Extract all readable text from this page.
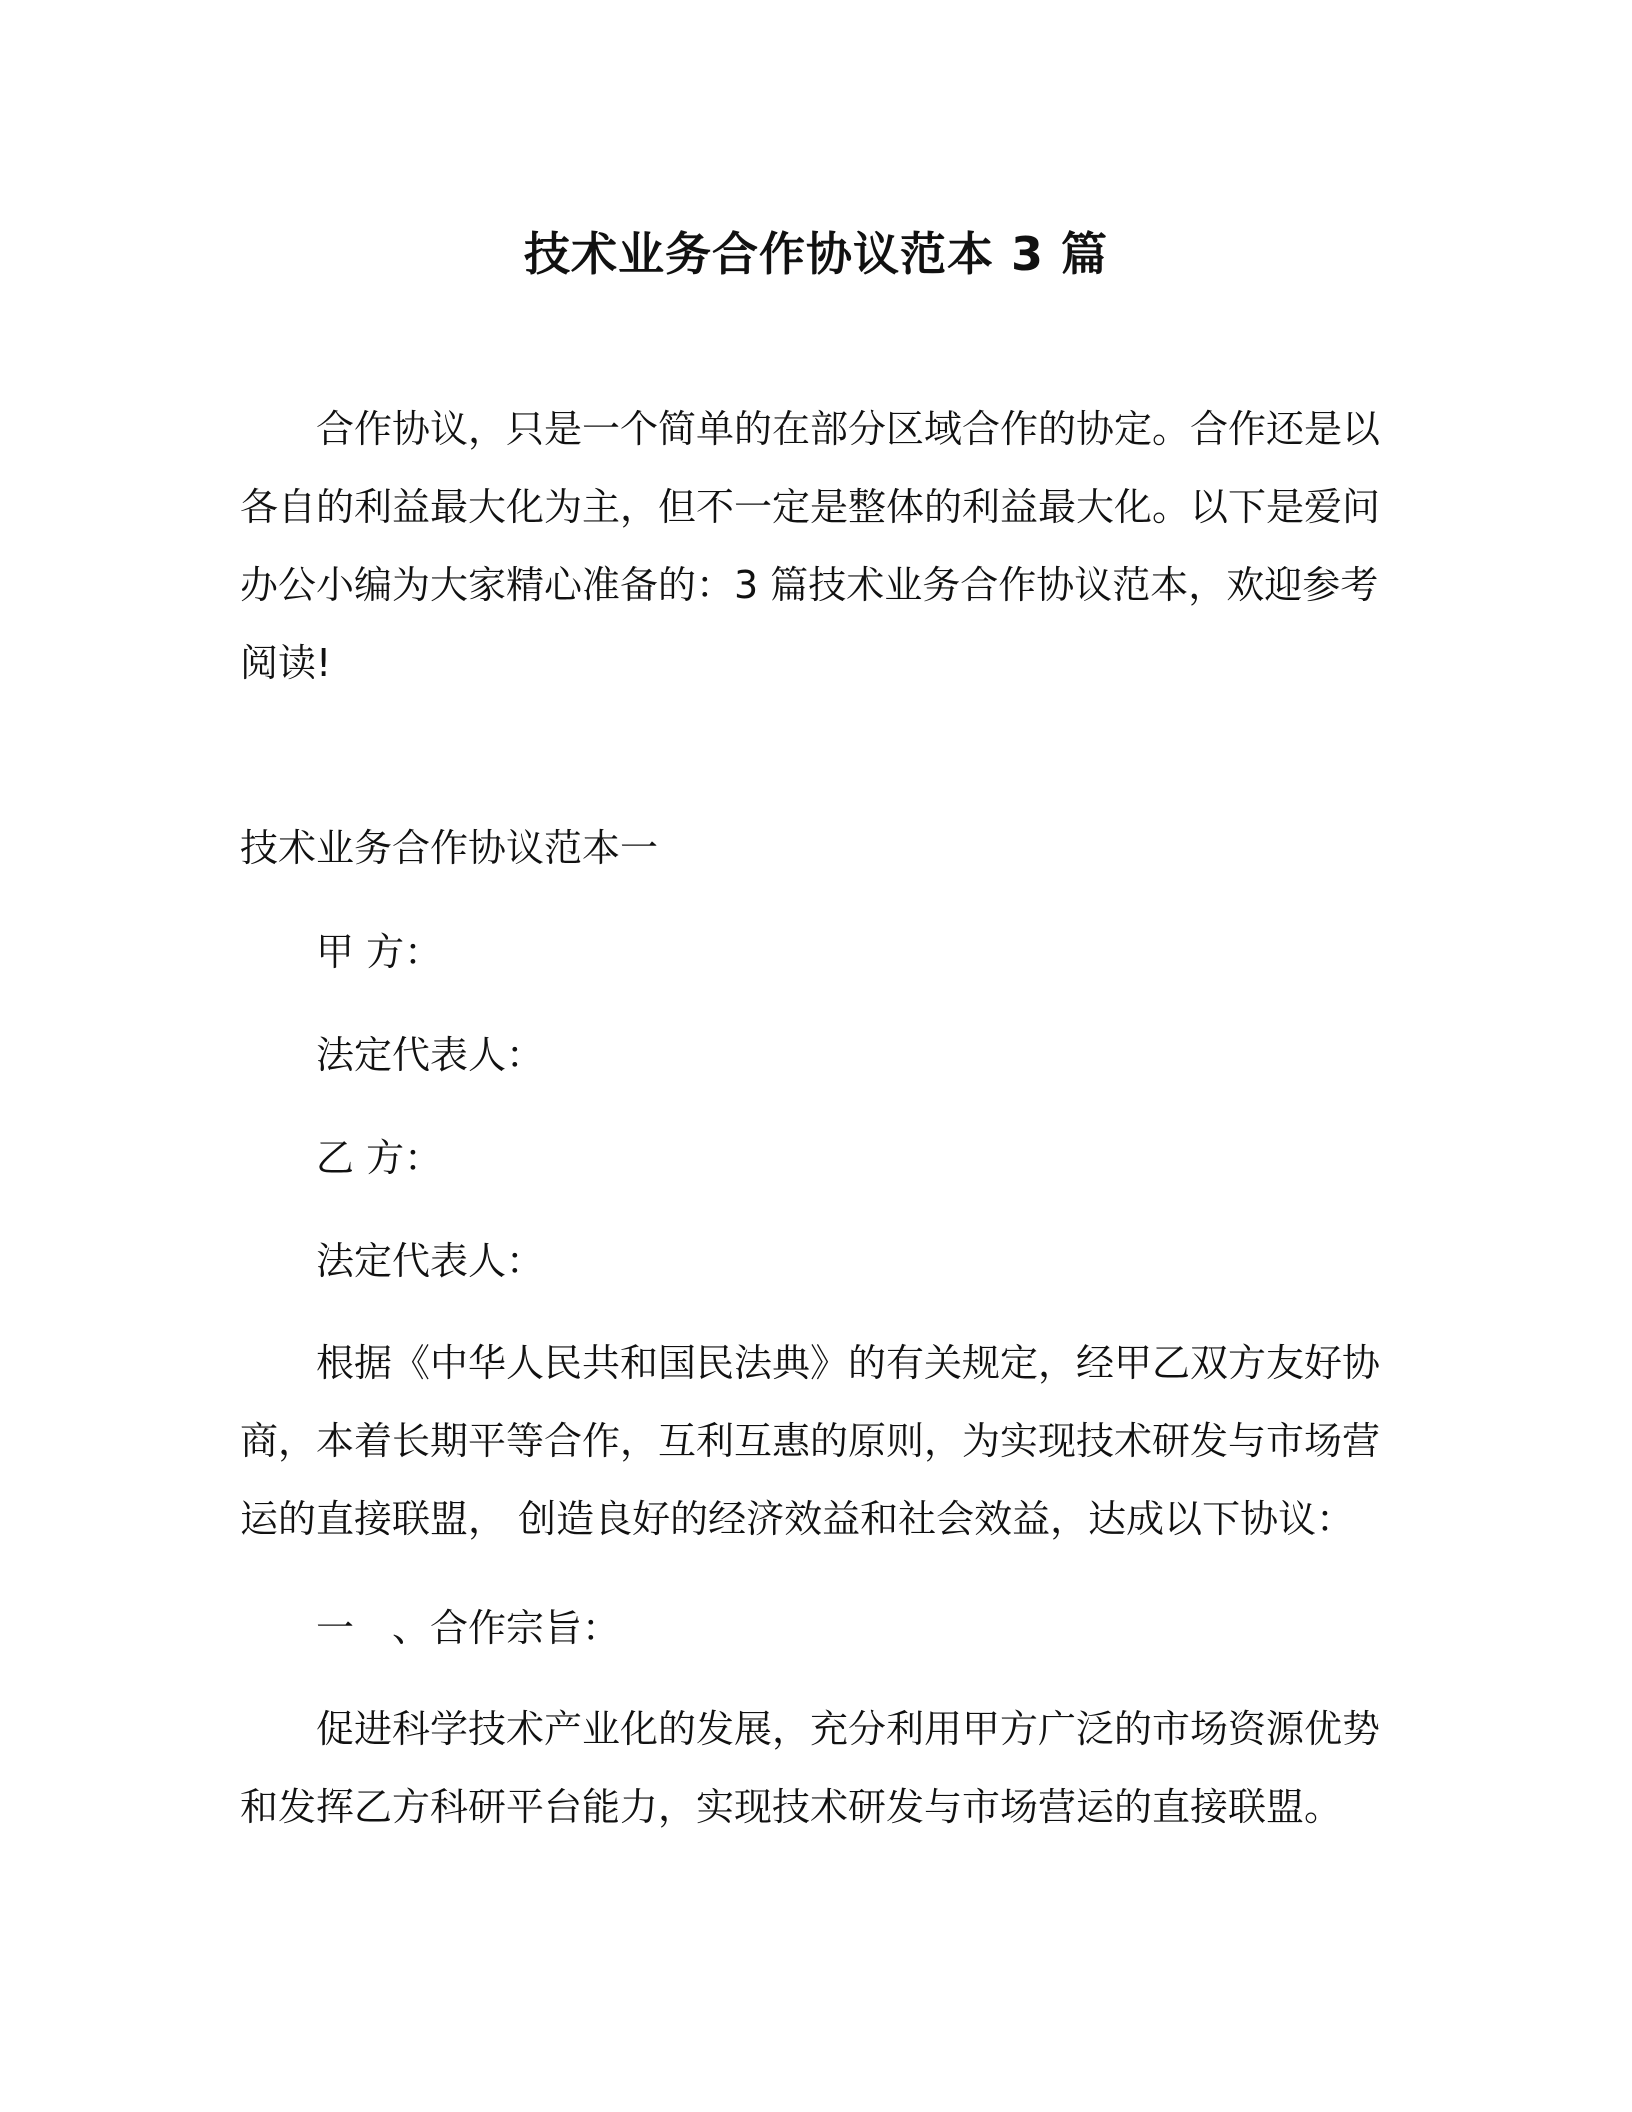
技术业务合作协议范本 3 篇

合作协议，只是一个简单的在部分区域合作的协定。合作还是以各自的利益最大化为主，但不一定是整体的利益最大化。以下是爱问办公小编为大家精心准备的：3 篇技术业务合作协议范本，欢迎参考阅读!

技术业务合作协议范本一
甲 方：
法定代表人：
乙 方：
法定代表人：

根据《中华人民共和国民法典》的有关规定，经甲乙双方友好协商，本着长期平等合作，互利互惠的原则，为实现技术研发与市场营运的直接联盟， 创造良好的经济效益和社会效益，达成以下协议：

一　、合作宗旨：

促进科学技术产业化的发展，充分利用甲方广泛的市场资源优势和发挥乙方科研平台能力，实现技术研发与市场营运的直接联盟。
